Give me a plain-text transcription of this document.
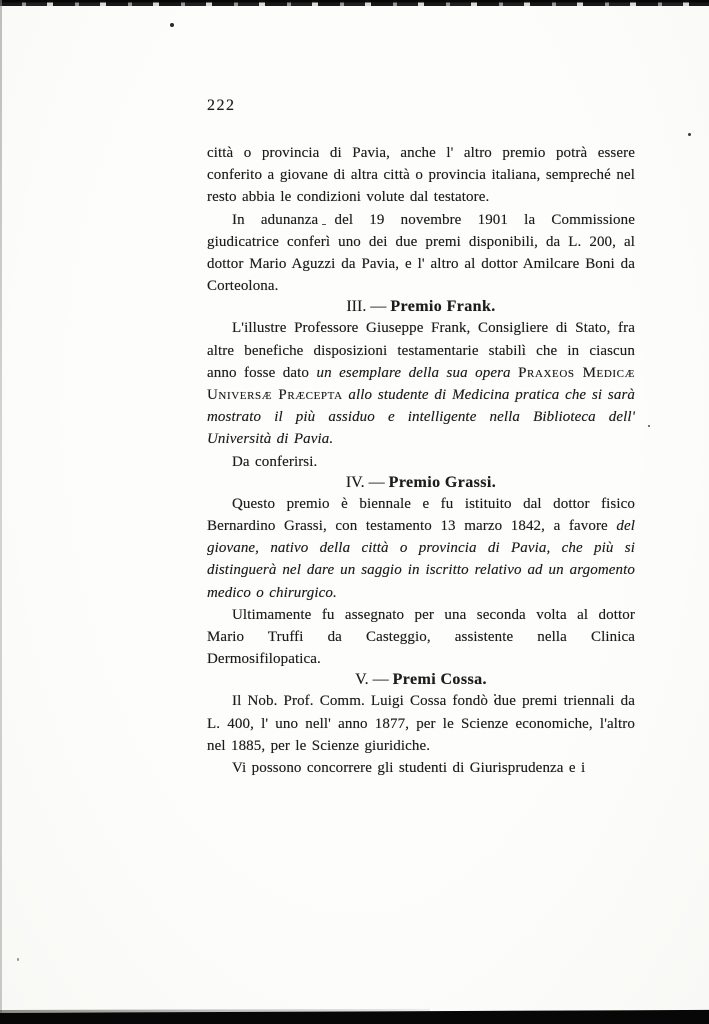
222

città o provincia di Pavia, anche l' altro premio potrà essere conferito a giovane di altra città o provincia italiana, sempreché nel resto abbia le condizioni volute dal testatore.

In adunanza del 19 novembre 1901 la Commissione giudicatrice conferì uno dei due premi disponibili, da L. 200, al dottor Mario Aguzzi da Pavia, e l' altro al dottor Amilcare Boni da Corteolona.

III. — Premio Frank.

L'illustre Professore Giuseppe Frank, Consigliere di Stato, fra altre benefiche disposizioni testamentarie stabilì che in ciascun anno fosse dato un esemplare della sua opera Praxeos Medicæ Universæ Præcepta allo studente di Medicina pratica che si sarà mostrato il più assiduo e intelligente nella Biblioteca dell' Università di Pavia.

Da conferirsi.

IV. — Premio Grassi.

Questo premio è biennale e fu istituito dal dottor fisico Bernardino Grassi, con testamento 13 marzo 1842, a favore del giovane, nativo della città o provincia di Pavia, che più si distinguerà nel dare un saggio in iscritto relativo ad un argomento medico o chirurgico.

Ultimamente fu assegnato per una seconda volta al dottor Mario Truffi da Casteggio, assistente nella Clinica Dermosifilopatica.

V. — Premi Cossa.

Il Nob. Prof. Comm. Luigi Cossa fondò due premi triennali da L. 400, l' uno nell' anno 1877, per le Scienze economiche, l'altro nel 1885, per le Scienze giuridiche.

Vi possono concorrere gli studenti di Giurisprudenza e i
